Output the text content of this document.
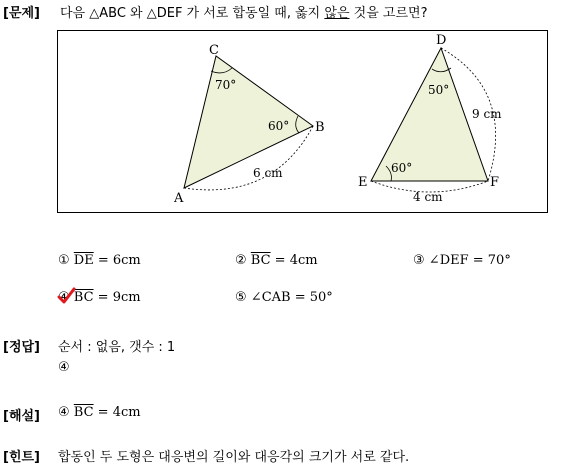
[문제] 다음 △ABC 와 △DEF 가 서로 합동일 때, 옳지 않은 것을 고르면?
A
B
C
70°
60°
6 cm
D
E	F
50°
60°
9 cm
4 cm
① $\overline{DE} = 6cm$	② $\overline{BC} = 4cm$	③ ∠DEF = 70°
④ $\overline{BC} = 9cm$	⑤ ∠CAB = 50°
[정답] 순서 : 없음, 갯수 : 1
④
[해설] ④ $\overline{BC} = 4cm$
[힌트] 합동인 두 도형은 대응변의 길이와 대응각의 크기가 서로 같다.
